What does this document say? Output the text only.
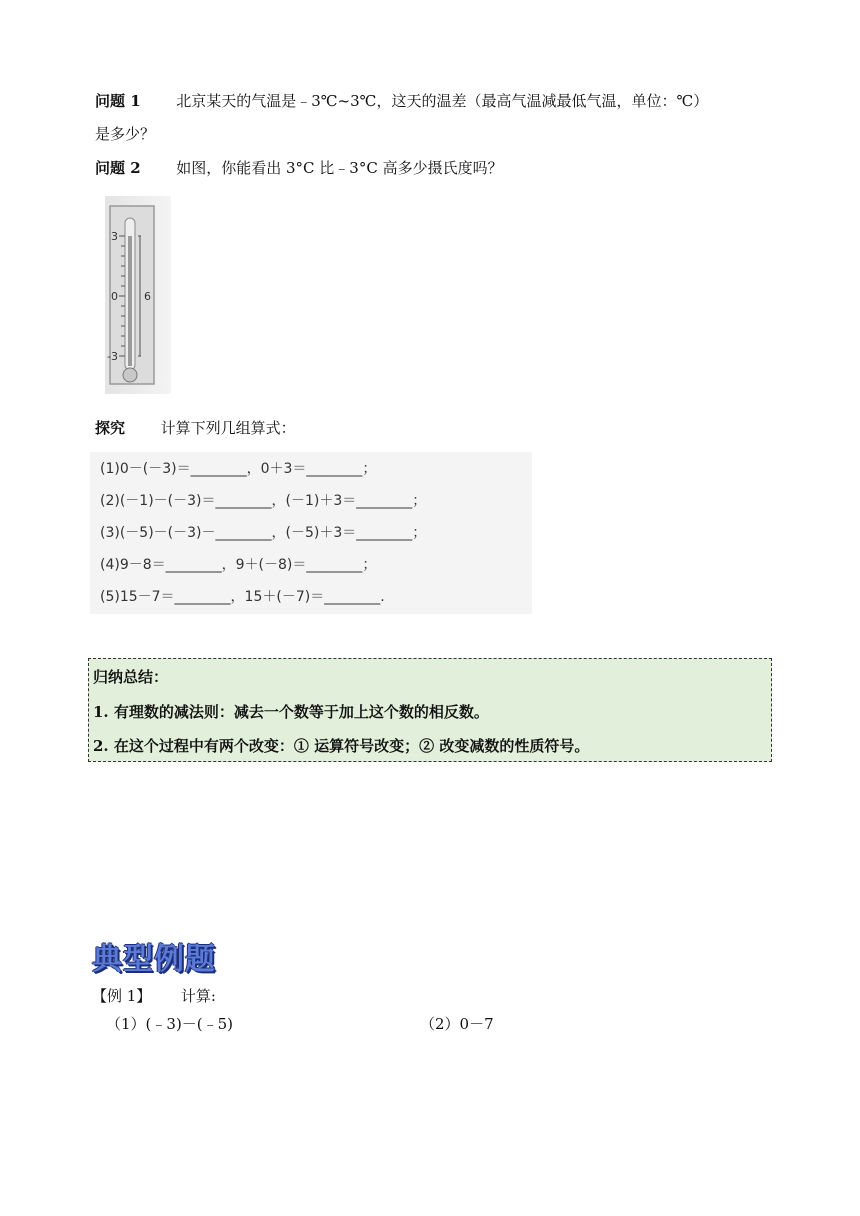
问题 1 北京某天的气温是﹣3℃~3℃，这天的温差（最高气温减最低气温，单位：℃）
是多少？
问题 2 如图，你能看出 3°C 比﹣3°C 高多少摄氏度吗？
3
0
-3
6
探究 计算下列几组算式：
(1)0－(－3)＝________，0＋3＝________；
(2)(－1)－(－3)＝________，(－1)＋3＝________；
(3)(－5)－(－3)－________，(－5)＋3＝________；
(4)9－8＝________，9＋(－8)＝________；
(5)15－7＝________，15＋(－7)＝________.
归纳总结：
1. 有理数的减法则：减去一个数等于加上这个数的相反数。
2. 在这个过程中有两个改变：① 运算符号改变；② 改变减数的性质符号。
典型例题
【例 1】 计算:
（1）(﹣3)－(﹣5)	（2）0－7
